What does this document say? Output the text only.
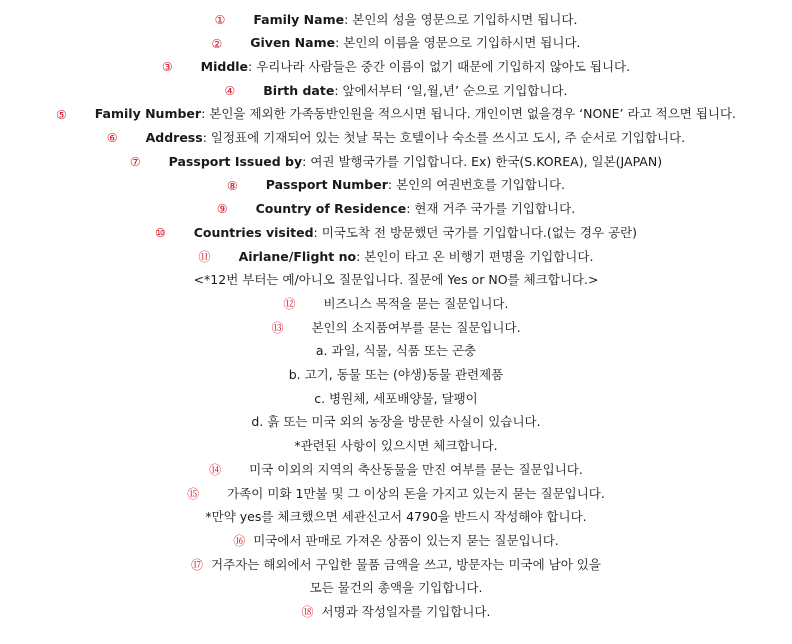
① Family Name : 본인의 성을 영문으로 기입하시면 됩니다.
② Given Name : 본인의 이름을 영문으로 기입하시면 됩니다.
③ Middle : 우리나라 사람들은 중간 이름이 없기 때문에 기입하지 않아도 됩니다.
④ Birth date : 앞에서부터 ‘일,월,년’ 순으로 기입합니다.
⑤ Family Number : 본인을 제외한 가족동반인원을 적으시면 됩니다. 개인이면 없을경우 ‘NONE’ 라고 적으면 됩니다.
⑥ Address : 일정표에 기재되어 있는 첫날 묵는 호텔이나 숙소를 쓰시고 도시, 주 순서로 기입합니다.
⑦ Passport Issued by : 여권 발행국가를 기입합니다. Ex) 한국(S.KOREA), 일본(JAPAN)
⑧ Passport Number : 본인의 여권번호를 기입합니다.
⑨ Country of Residence : 현재 거주 국가를 기입합니다.
⑩ Countries visited : 미국도착 전 방문했던 국가를 기입합니다.(없는 경우 공란)
⑪ Airlane/Flight no : 본인이 타고 온 비행기 편명을 기입합니다.
<*12번 부터는 예/아니오 질문입니다. 질문에 Yes or NO를 체크합니다.>
⑫ 비즈니스 목적을 묻는 질문입니다.
⑬ 본인의 소지품여부를 묻는 질문입니다.
a. 과일, 식물, 식품 또는 곤충
b. 고기, 동물 또는 (야생)동물 관련제품
c. 병원체, 세포배양물, 달팽이
d. 흙 또는 미국 외의 농장을 방문한 사실이 있습니다.
*관련된 사항이 있으시면 체크합니다.
⑭ 미국 이외의 지역의 축산동물을 만진 여부를 묻는 질문입니다.
⑮ 가족이 미화 1만불 및 그 이상의 돈을 가지고 있는지 묻는 질문입니다.
*만약 yes를 체크했으면 세관신고서 4790을 반드시 작성해야 합니다.
⑯ 미국에서 판매로 가져온 상품이 있는지 묻는 질문입니다.
⑰ 거주자는 해외에서 구입한 물품 금액을 쓰고, 방문자는 미국에 남아 있을
모든 물건의 총액을 기입합니다.
⑱ 서명과 작성일자를 기입합니다.
